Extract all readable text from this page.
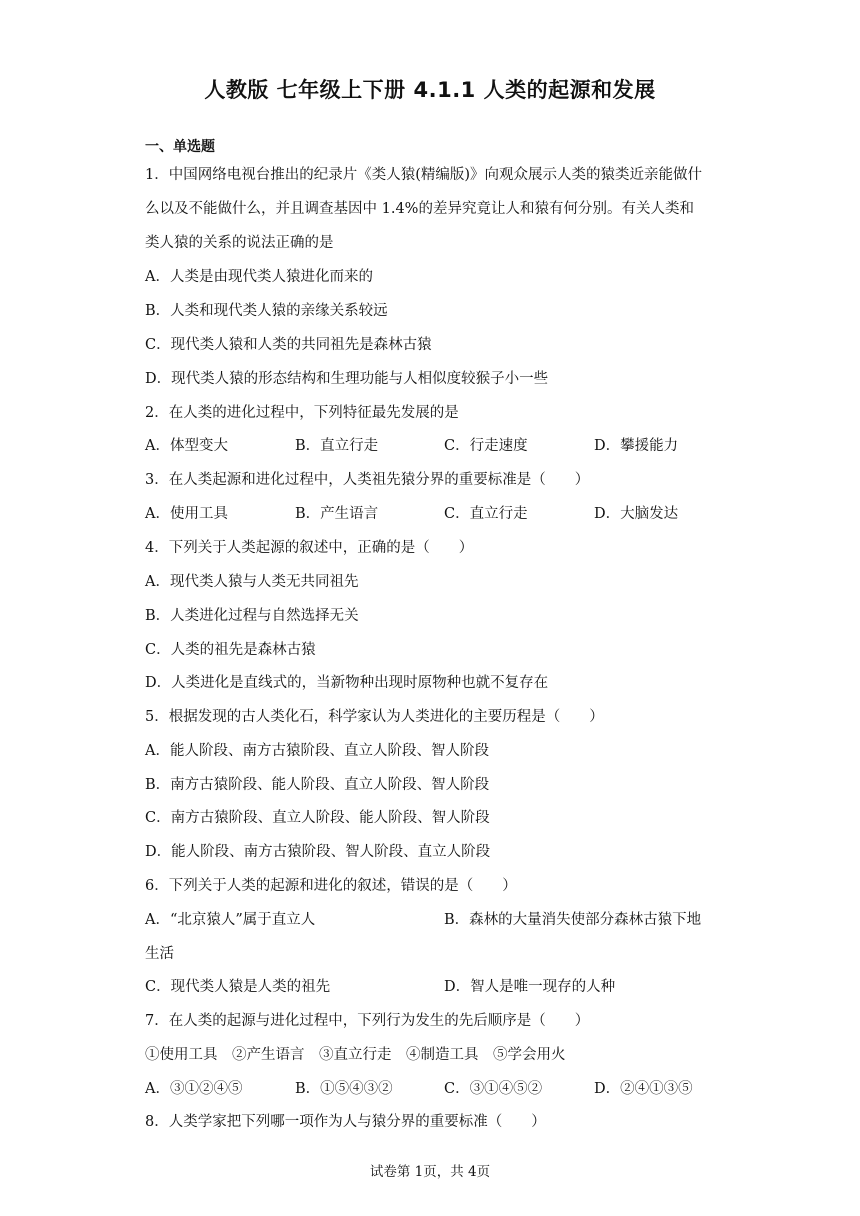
人教版 七年级上下册 4.1.1 人类的起源和发展
一、单选题
1．中国网络电视台推出的纪录片《类人猿(精编版)》向观众展示人类的猿类近亲能做什
么以及不能做什么，并且调查基因中 1.4%的差异究竟让人和猿有何分别。有关人类和
类人猿的关系的说法正确的是
A．人类是由现代类人猿进化而来的
B．人类和现代类人猿的亲缘关系较远
C．现代类人猿和人类的共同祖先是森林古猿
D．现代类人猿的形态结构和生理功能与人相似度较猴子小一些
2．在人类的进化过程中，下列特征最先发展的是
A．体型变大	B．直立行走	C．行走速度	D．攀援能力
3．在人类起源和进化过程中，人类祖先猿分界的重要标准是（　　）
A．使用工具	B．产生语言	C．直立行走	D．大脑发达
4．下列关于人类起源的叙述中，正确的是（　　）
A．现代类人猿与人类无共同祖先
B．人类进化过程与自然选择无关
C．人类的祖先是森林古猿
D．人类进化是直线式的，当新物种出现时原物种也就不复存在
5．根据发现的古人类化石，科学家认为人类进化的主要历程是（　　）
A．能人阶段、南方古猿阶段、直立人阶段、智人阶段
B．南方古猿阶段、能人阶段、直立人阶段、智人阶段
C．南方古猿阶段、直立人阶段、能人阶段、智人阶段
D．能人阶段、南方古猿阶段、智人阶段、直立人阶段
6．下列关于人类的起源和进化的叙述，错误的是（　　）
A．“北京猿人”属于直立人	B．森林的大量消失使部分森林古猿下地
生活
C．现代类人猿是人类的祖先	D．智人是唯一现存的人种
7．在人类的起源与进化过程中，下列行为发生的先后顺序是（　　）
①使用工具　②产生语言　③直立行走　④制造工具　⑤学会用火
A．③①②④⑤	B．①⑤④③②	C．③①④⑤②	D．②④①③⑤
8．人类学家把下列哪一项作为人与猿分界的重要标准（　　）
试卷第 1页，共 4页
